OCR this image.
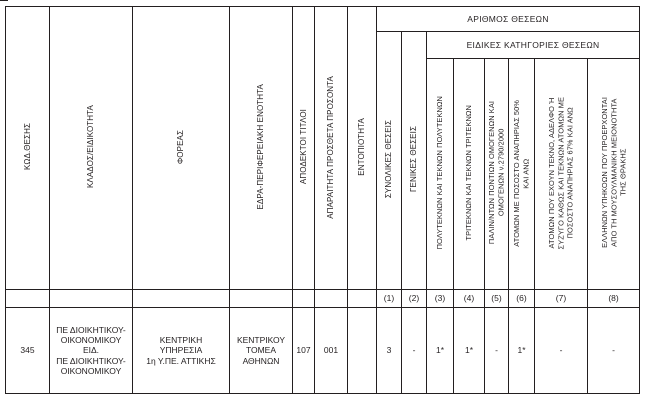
ΚΩΔ.ΘΕΣΗΣ	ΚΛΑΔΟΣ/ΕΙΔΙΚΟΤΗΤΑ	ΦΟΡΕΑΣ	ΕΔΡΑ-ΠΕΡΙΦΕΡΕΙΑΚΗ ΕΝΟΤΗΤΑ	ΑΠΟΔΕΚΤΟΙ ΤΙΤΛΟΙ	ΑΠΑΡΑΙΤΗΤΑ ΠΡΟΣΘΕΤΑ ΠΡΟΣΟΝΤΑ	ΕΝΤΟΠΙΟΤΗΤΑ	ΑΡΙΘΜΟΣ ΘΕΣΕΩΝ							
							ΣΥΝΟΛΙΚΕΣ ΘΕΣΕΙΣ	ΓΕΝΙΚΕΣ ΘΕΣΕΙΣ	ΕΙΔΙΚΕΣ ΚΑΤΗΓΟΡΙΕΣ ΘΕΣΕΩΝ					
									ΠΟΛΥΤΕΚΝΩΝ ΚΑΙ ΤΕΚΝΩΝ ΠΟΛΥΤΕΚΝΩΝ	ΤΡΙΤΕΚΝΩΝ ΚΑΙ ΤΕΚΝΩΝ ΤΡΙΤΕΚΝΩΝ	ΠΑΛΙΝ/ΝΤΩΝ ΠΟΝΤΙΩΝ ΟΜΟΓΕΝΩΝ ΚΑΙ
ΟΜΟΓΕΝΩΝ ν.2790/2000	ΑΤΟΜΩΝ ΜΕ ΠΟΣΟΣΤΟ ΑΝΑΠΗΡΙΑΣ 50%
ΚΑΙ ΑΝΩ	ΑΤΟΜΩΝ ΠΟΥ ΕΧΟΥΝ ΤΕΚΝΟ, ΑΔΕΛΦΟ Ή
ΣΥΖΥΓΟ ΚΑΘΩΣ ΚΑΙ ΤΕΚΝΩΝ ΑΤΟΜΩΝ ΜΕ
ΠΟΣΟΣΤΟ ΑΝΑΠΗΡΙΑΣ 67% ΚΑΙ ΑΝΩ	ΕΛΛΗΝΩΝ ΥΠΗΚΟΩΝ ΠΟΥ ΠΡΟΕΡΧΟΝΤΑΙ
ΑΠΟ ΤΗ ΜΟΥΣΟΥΛΜΑΝΙΚΗ ΜΕΙΟΝΟΤΗΤΑ
ΤΗΣ ΘΡΑΚΗΣ
							(1)	(2)	(3)	(4)	(5)	(6)	(7)	(8)
345	ΠΕ ΔΙΟΙΚΗΤΙΚΟΥ-
ΟΙΚΟΝΟΜΙΚΟΥ ΕΙΔ.
ΠΕ ΔΙΟΙΚΗΤΙΚΟΥ-
ΟΙΚΟΝΟΜΙΚΟΥ	ΚΕΝΤΡΙΚΗ
ΥΠΗΡΕΣΙΑ
1η Υ.ΠΕ. ΑΤΤΙΚΗΣ	ΚΕΝΤΡΙΚΟΥ
ΤΟΜΕΑ
ΑΘΗΝΩΝ	107	001		3	-	1*	1*	-	1*	-	-
